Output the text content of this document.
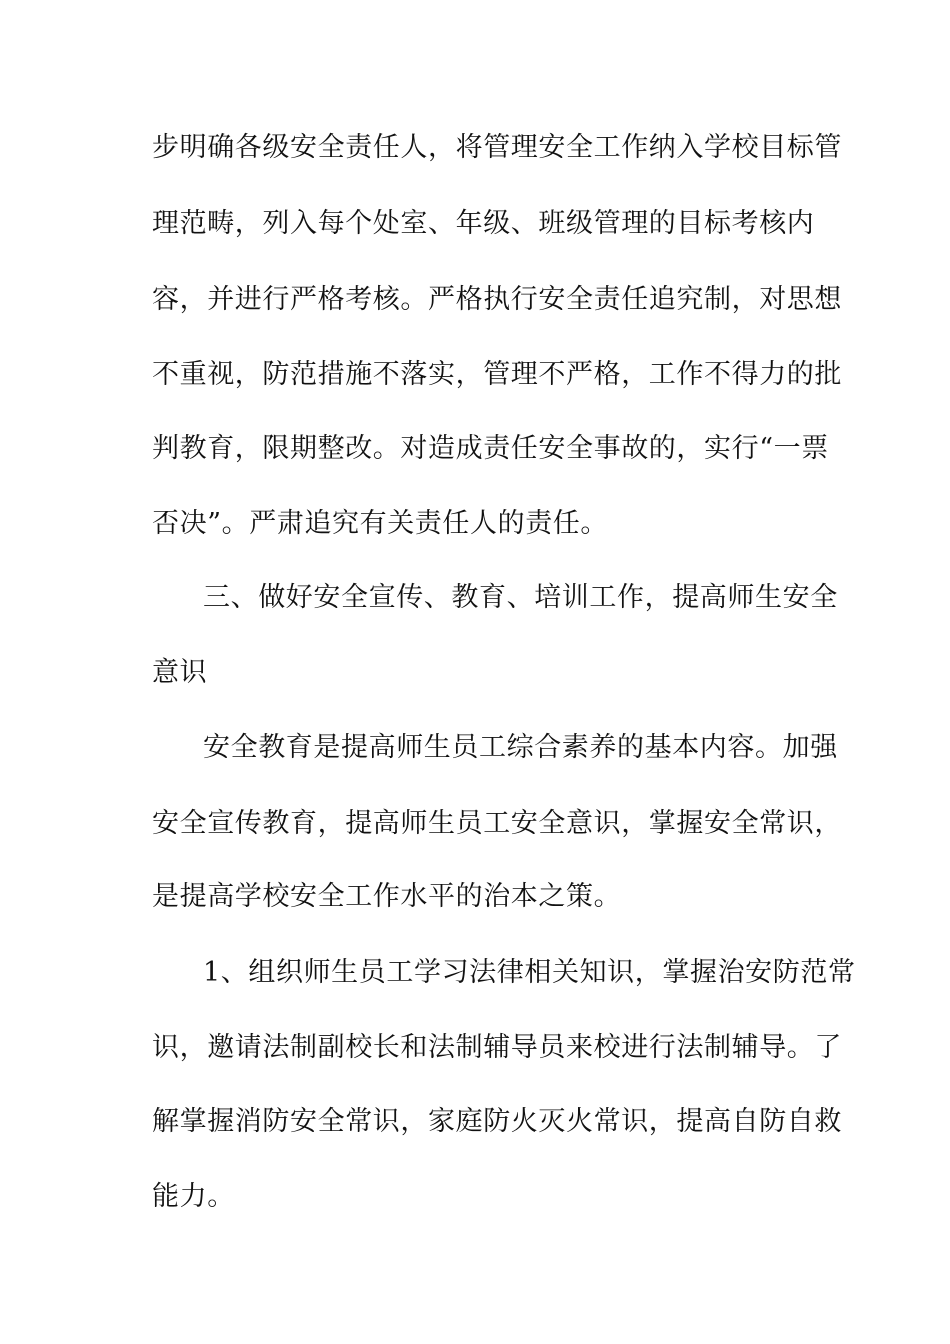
步明确各级安全责任人，将管理安全工作纳入学校目标管
理范畴，列入每个处室、年级、班级管理的目标考核内
容，并进行严格考核。严格执行安全责任追究制，对思想
不重视，防范措施不落实，管理不严格，工作不得力的批
判教育，限期整改。对造成责任安全事故的，实行“一票
否决”。严肃追究有关责任人的责任。
三、做好安全宣传、教育、培训工作，提高师生安全
意识
安全教育是提高师生员工综合素养的基本内容。加强
安全宣传教育，提高师生员工安全意识，掌握安全常识，
是提高学校安全工作水平的治本之策。
1、组织师生员工学习法律相关知识，掌握治安防范常
识，邀请法制副校长和法制辅导员来校进行法制辅导。了
解掌握消防安全常识，家庭防火灭火常识，提高自防自救
能力。
